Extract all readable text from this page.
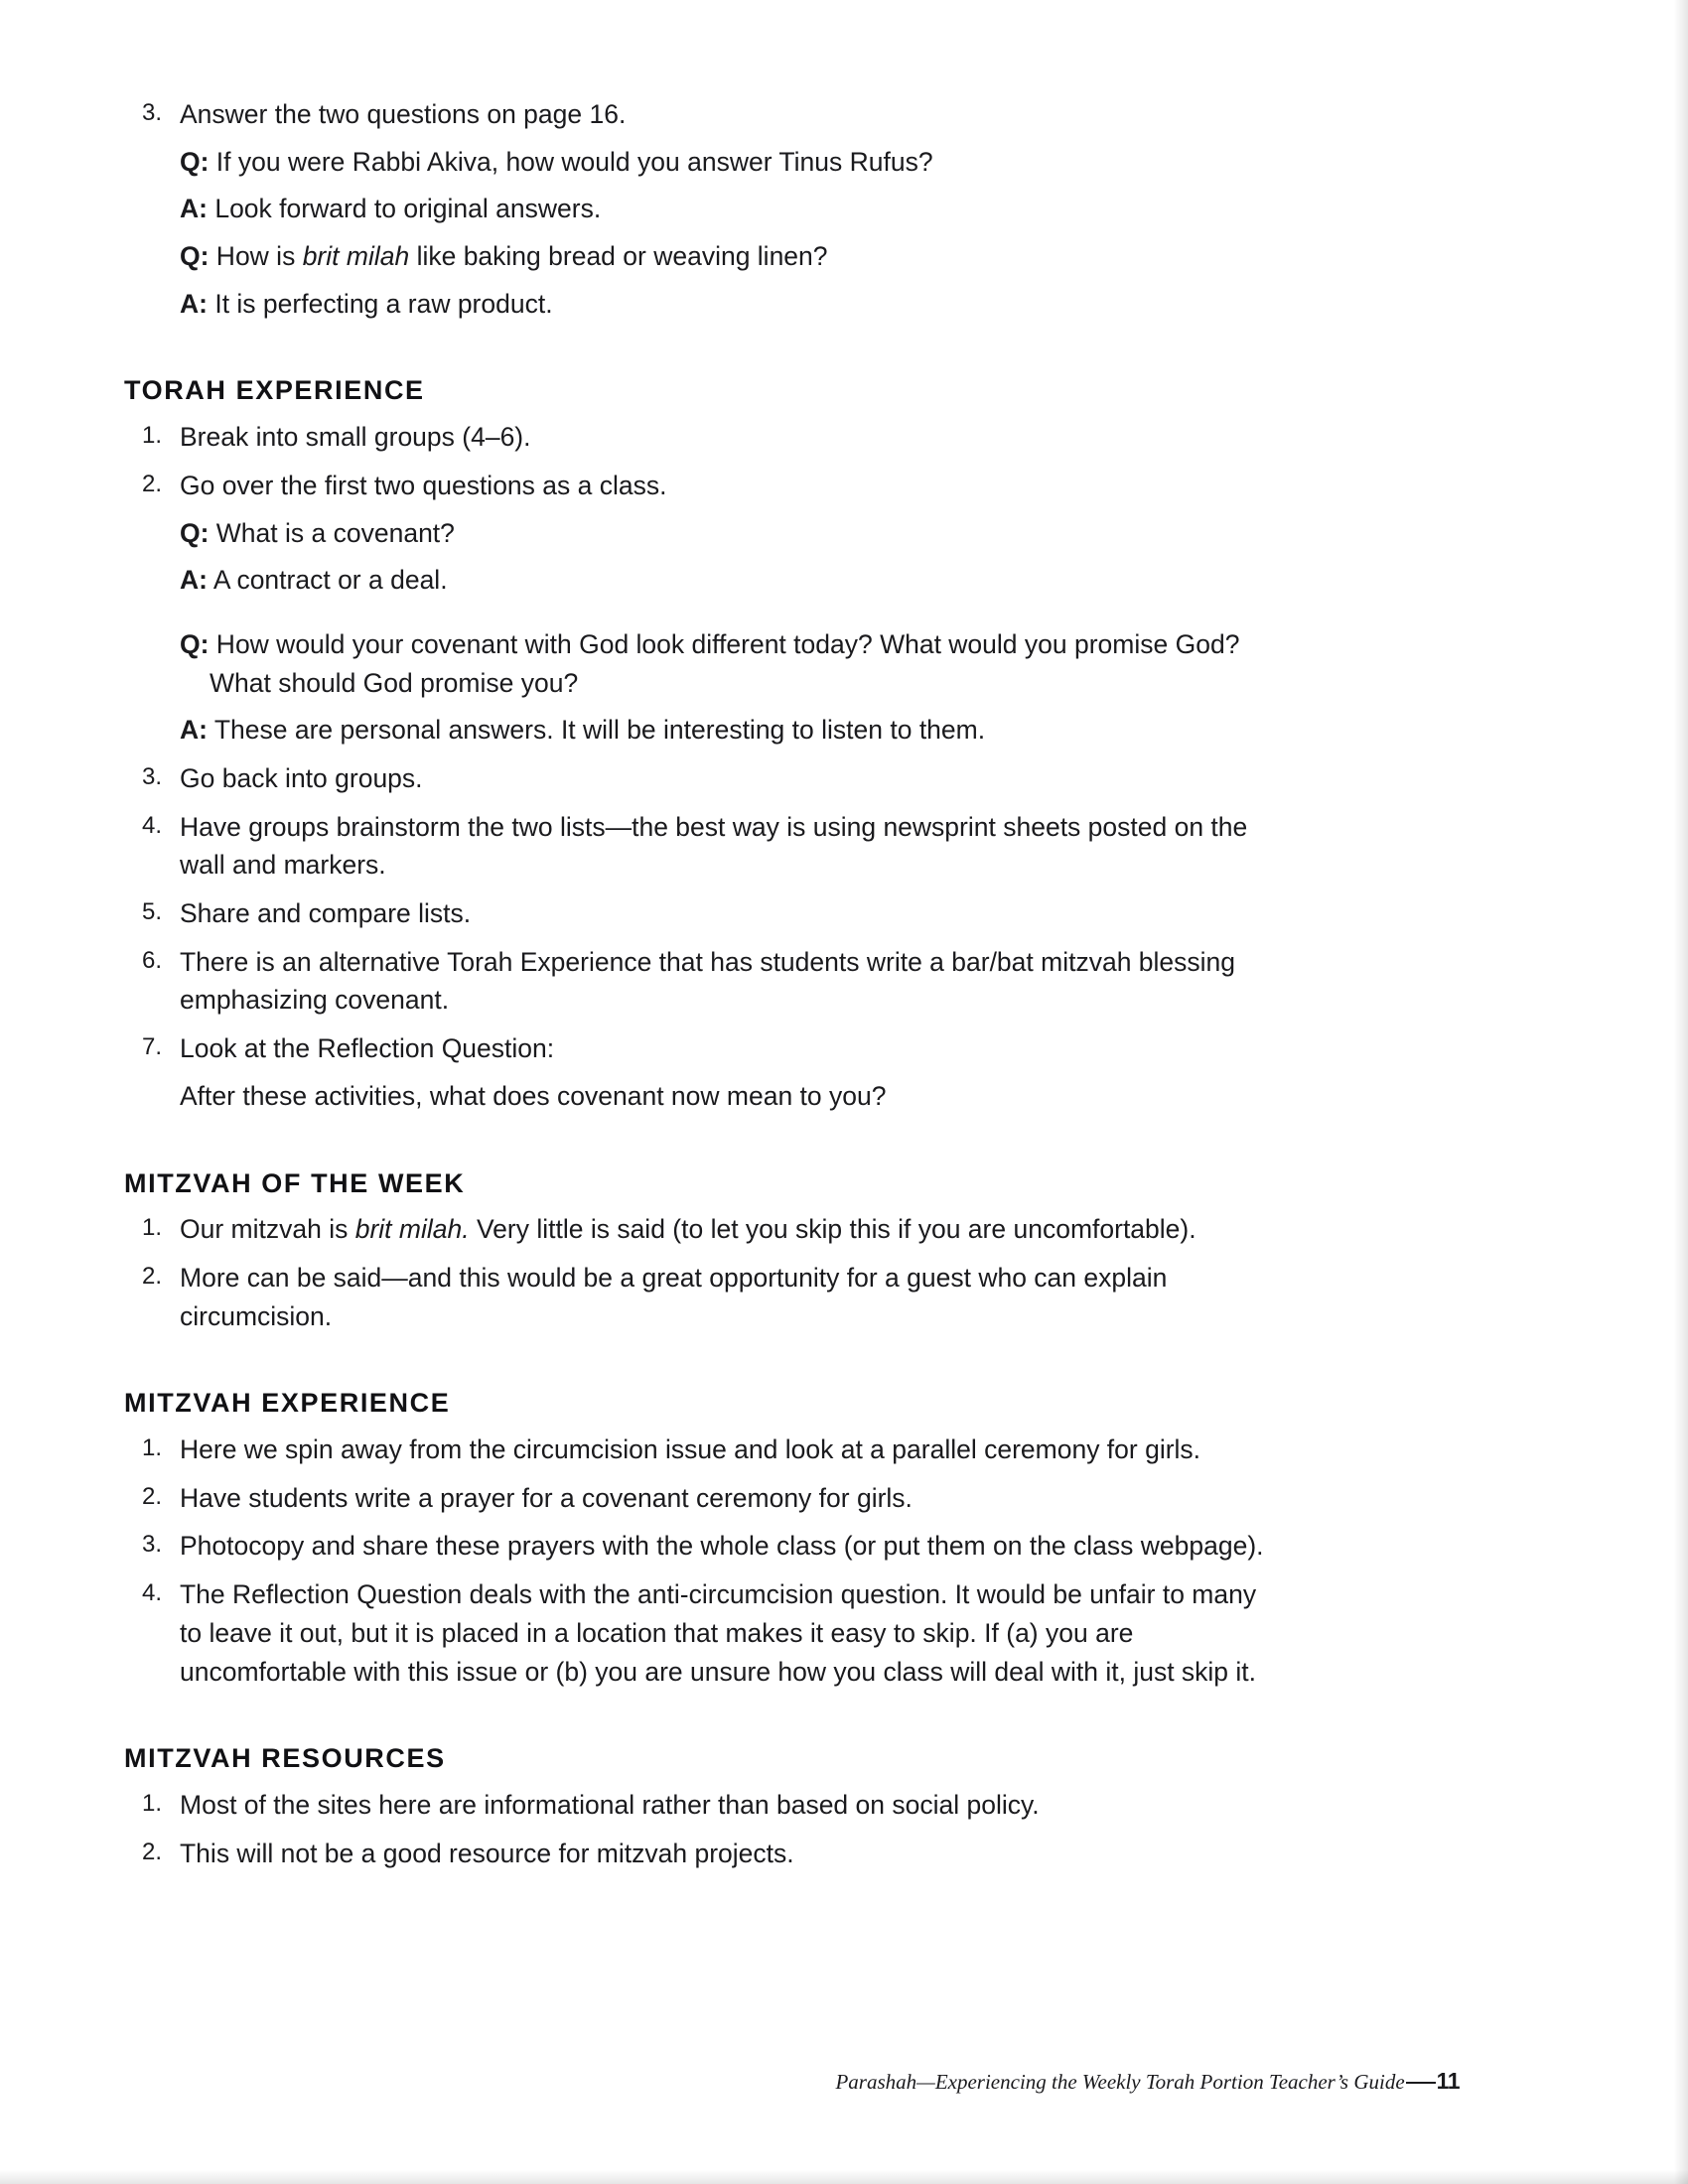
3. Answer the two questions on page 16.
Q: If you were Rabbi Akiva, how would you answer Tinus Rufus?
A: Look forward to original answers.
Q: How is brit milah like baking bread or weaving linen?
A: It is perfecting a raw product.
TORAH EXPERIENCE
1. Break into small groups (4–6).
2. Go over the first two questions as a class.
Q: What is a covenant?
A: A contract or a deal.
Q: How would your covenant with God look different today? What would you promise God? What should God promise you?
A: These are personal answers. It will be interesting to listen to them.
3. Go back into groups.
4. Have groups brainstorm the two lists—the best way is using newsprint sheets posted on the wall and markers.
5. Share and compare lists.
6. There is an alternative Torah Experience that has students write a bar/bat mitzvah blessing emphasizing covenant.
7. Look at the Reflection Question:
After these activities, what does covenant now mean to you?
MITZVAH OF THE WEEK
1. Our mitzvah is brit milah. Very little is said (to let you skip this if you are uncomfortable).
2. More can be said—and this would be a great opportunity for a guest who can explain circumcision.
MITZVAH EXPERIENCE
1. Here we spin away from the circumcision issue and look at a parallel ceremony for girls.
2. Have students write a prayer for a covenant ceremony for girls.
3. Photocopy and share these prayers with the whole class (or put them on the class webpage).
4. The Reflection Question deals with the anti-circumcision question. It would be unfair to many to leave it out, but it is placed in a location that makes it easy to skip. If (a) you are uncomfortable with this issue or (b) you are unsure how you class will deal with it, just skip it.
MITZVAH RESOURCES
1. Most of the sites here are informational rather than based on social policy.
2. This will not be a good resource for mitzvah projects.
Parashah—Experiencing the Weekly Torah Portion Teacher’s Guide 11
